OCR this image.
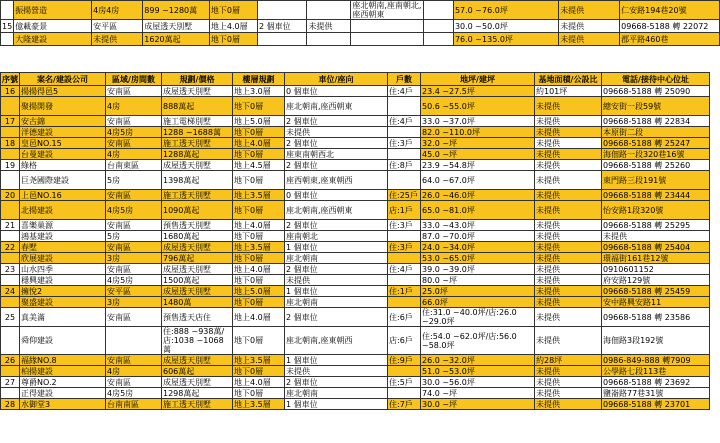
	振揚營造	4房4房	899 ~1280萬	地下0層			座北朝南,座南朝北,座西朝東		57.0 ~76.0坪	未提供	仁安路194巷20號
15	億載豪景	安平區	成屋透天別墅	地上4.0層	2 個車位	未提供			30.0 ~50.0坪	未提供	09668-5188 轉 22072
	大隆建設	未提供	1620萬起	地下0層					76.0 ~135.0坪	未提供	郡平路460巷
序號	案名/建設公司	區域/房間數	規劃/價格	樓層規劃	車位/座向	戶數	地坪/建坪	基地面積/公設比	電話/接待中心位址
16	揚揚得邑5	安南區	成屋透天別墅	地上3.0層	0 個車位	住:4戶	23.4 ~27.5坪	約101坪	09668-5188 轉 25090
	聚揚開發	4房	888萬起	地下0層	座北朝南,座西朝東		50.6 ~55.0坪	未提供	總安街一段59號
17	安古錦	安南區	施工電梯別墅	地上5.0層	2 個車位	住:4戶	33.0 ~37.0坪	未提供	09668-5188 轉 22834
	洋德建設	4房5房	1288 ~1688萬	地下0層	未提供		82.0 ~110.0坪	未提供	本原街二段
18	皇邑NO.15	安南區	施工透天別墅	地上4.0層	2 個車位	住:3戶	32.0 ~坪	未提供	09668-5188 轉 25247
	台曼建設	4房	1288萬起	地下0層	座東南朝西北		45.0 ~坪	未提供	海佃路一段320巷16號
19	綠格	台南東區	成屋透天別墅	地上4.5層	2 個車位	住:8戶	23.9 ~54.8坪	未提供	09668-5188 轉 25260
	巨尧國際建設	5房	1398萬起	地下0層	座西朝東,座東朝西		64.0 ~67.0坪	未提供	東門路三段191號
20	上邑NO.16	安南區	施工透天別墅	地上3.5層	0 個車位	住:25戶	26.0 ~46.0坪	未提供	09668-5188 轉 23444
	北揚建設	4房5房	1090萬起	地下0層	座北朝南,座西朝東	店:1戶	65.0 ~81.0坪	未提供	怡安路1段320號
21	喜樂巢源	安南區	預售透天別墅	地上4.0層	2 個車位	住:3戶	33.0 ~43.0坪	未提供	09668-5188 轉 25295
	鴻基建設	5房	1680萬起	地下0層	座南朝北		87.0 ~70.0坪	未提供	未提供
22	春墅	安南區	成屋透天別墅	地上3.5層	1 個車位	住:3戶	24.0 ~34.0坪	未提供	09668-5188 轉 25404
	欣展建設	3房	796萬起	地下0層	座北朝南		53.0 ~65.0坪	未提供	環福街161巷12號
23	山水四季	安南區	成屋透天別墅	地上4.0層	2 個車位	住:4戶	39.0 ~39.0坪	未提供	0910601152
	穩興建設	4房5房	1500萬起	地下0層	未提供		80.0 ~坪	未提供	府安路129號
24	擁悅2	安平區	成屋透天別墅	地上5.0層	1 個車位	住:1戶	25.0坪	未提供	09668-5188 轉 25459
	聚盛建設	3房	1480萬	地下0層	座北朝南		66.0坪	未提供	安中路興安路11
25	真美滿	安南區	預售透天店住	地上4.0層	2 個車位	住:6戶	住:31.0 ~40.0坪/店:26.0 ~29.0坪	未提供	09668-5188 轉 23586
	舜仰建設		住:888 ~938萬/店:1038 ~1068萬	地下0層	座北朝南,座東朝西	店:6戶	住:54.0 ~62.0坪/店:56.0 ~58.0坪	未提供	海佃路3段192號
26	福緣NO.8	安南區	成屋透天別墅	地上3.5層	1 個車位	住:9戶	26.0 ~32.0坪	約28坪	0986-849-888 轉7909
	柏揚建設	4房	606萬起	地下0層	未提供		51.0 ~53.0坪	未提供	公學路七段113巷
27	尊爵NO.2	安南區	成屋透天別墅	地上4.0層	2 個車位	住:5戶	30.0 ~56.0坪	未提供	09668-5188 轉 23692
	正得建設	4房5房	1298萬起	地下0層	座北朝南		74.0 ~坪	未提供	鹽崙路77巷31號
28	水御堂3	台南南區	施工透天別墅	地上3.5層	1 個車位	住:7戶	30.0 ~坪	未提供	09668-5188 轉 23701
